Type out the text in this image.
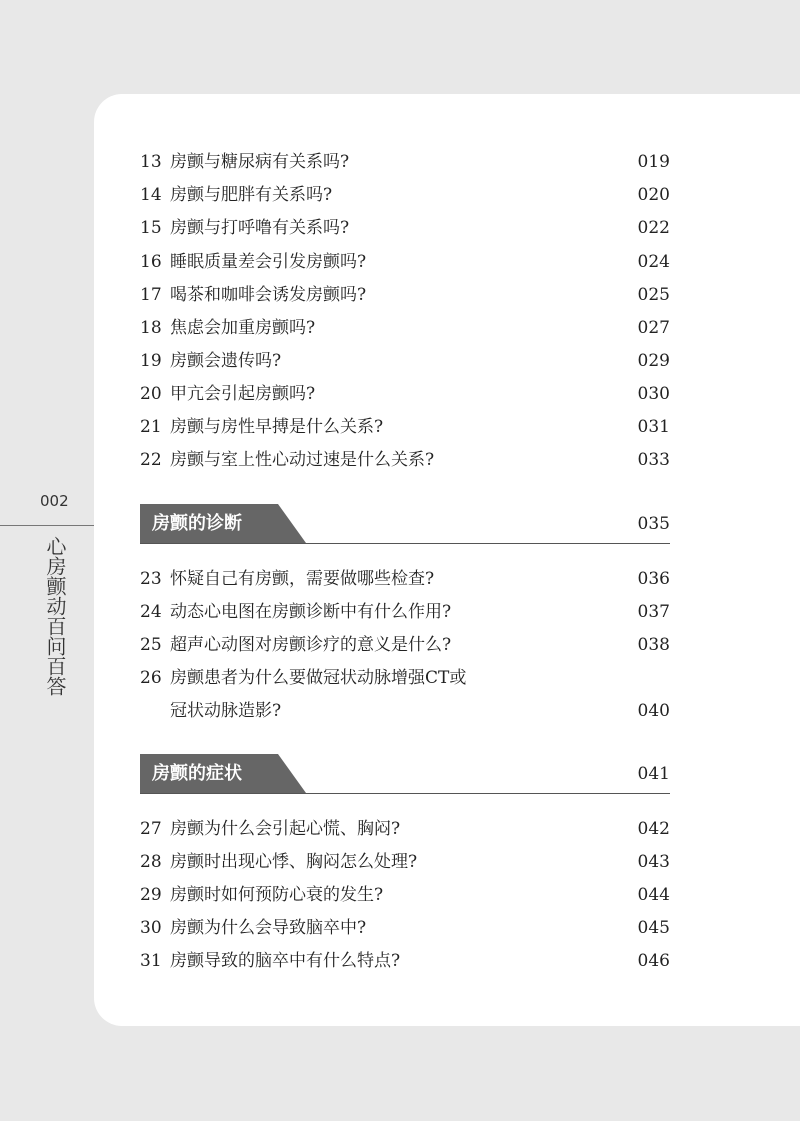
002
心房颤动百问百答
13 房颤与糖尿病有关系吗?	019
14 房颤与肥胖有关系吗?	020
15 房颤与打呼噜有关系吗?	022
16 睡眠质量差会引发房颤吗?	024
17 喝茶和咖啡会诱发房颤吗?	025
18 焦虑会加重房颤吗?	027
19 房颤会遗传吗?	029
20 甲亢会引起房颤吗?	030
21 房颤与房性早搏是什么关系?	031
22 房颤与室上性心动过速是什么关系?	033
房颤的诊断	035
23 怀疑自己有房颤，需要做哪些检查?	036
24 动态心电图在房颤诊断中有什么作用?	037
25 超声心动图对房颤诊疗的意义是什么?	038
26 房颤患者为什么要做冠状动脉增强CT或
冠状动脉造影?	040
房颤的症状	041
27 房颤为什么会引起心慌、胸闷?	042
28 房颤时出现心悸、胸闷怎么处理?	043
29 房颤时如何预防心衰的发生?	044
30 房颤为什么会导致脑卒中?	045
31 房颤导致的脑卒中有什么特点?	046
